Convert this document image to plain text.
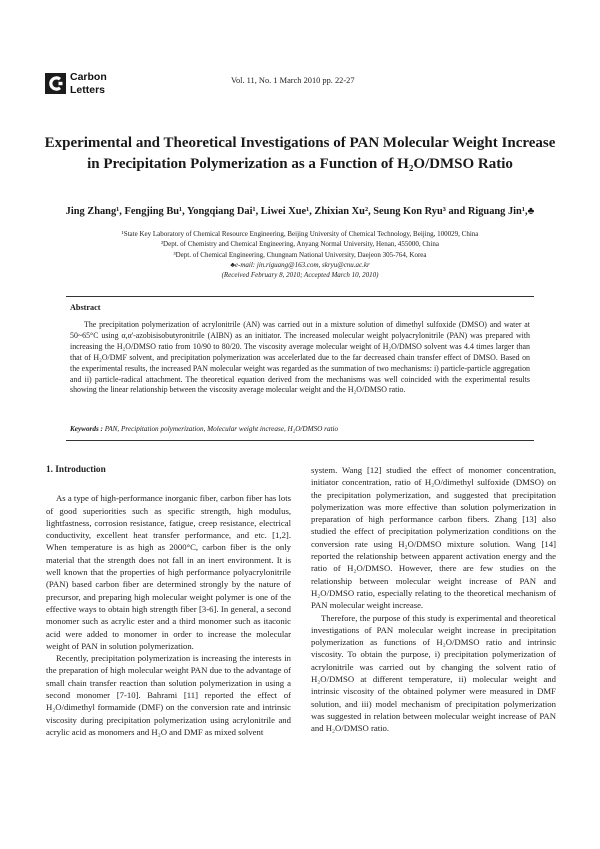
Carbon
Letters
Vol. 11, No. 1 March 2010 pp. 22-27
Experimental and Theoretical Investigations of PAN Molecular Weight Increase in Precipitation Polymerization as a Function of H₂O/DMSO Ratio
Jing Zhang¹, Fengjing Bu¹, Yongqiang Dai¹, Liwei Xue¹, Zhixian Xu², Seung Kon Ryu³ and Riguang Jin¹,♣
¹State Key Laboratory of Chemical Resource Engineering, Beijing University of Chemical Technology, Beijing, 100029, China
²Dept. of Chemistry and Chemical Engineering, Anyang Normal University, Henan, 455000, China
³Dept. of Chemical Engineering, Chungnam National University, Daejeon 305-764, Korea
♣e-mail: jin.riguang@163.com, skryu@cnu.ac.kr
(Received February 8, 2010; Accepted March 10, 2010)
Abstract
The precipitation polymerization of acrylonitrile (AN) was carried out in a mixture solution of dimethyl sulfoxide (DMSO) and water at 50~65°C using α,α'-azobisisobutyronitrile (AIBN) as an initiator. The increased molecular weight polyacrylonitrile (PAN) was prepared with increasing the H₂O/DMSO ratio from 10/90 to 80/20. The viscosity average molecular weight of H₂O/DMSO solvent was 4.4 times larger than that of H₂O/DMF solvent, and precipitation polymerization was accelerlated due to the far decreased chain transfer effect of DMSO. Based on the experimental results, the increased PAN molecular weight was regarded as the summation of two mechanisms: i) particle-particle aggregation and ii) particle-radical attachment. The theoretical equation derived from the mechanisms was well coincided with the experimental results showing the linear relationship between the viscosity average molecular weight and the H₂O/DMSO ratio.
Keywords : PAN, Precipitation polymerization, Molecular weight increase, H₂O/DMSO ratio
1. Introduction

As a type of high-performance inorganic fiber, carbon fiber has lots of good superiorities such as specific strength, high modulus, lightfastness, corrosion resistance, fatigue, creep resistance, electrical conductivity, excellent heat transfer performance, and etc. [1,2]. When temperature is as high as 2000°C, carbon fiber is the only material that the strength does not fall in an inert environment. It is well known that the properties of high performance polyacrylonitrile (PAN) based carbon fiber are determined strongly by the nature of precursor, and preparing high molecular weight polymer is one of the effective ways to obtain high strength fiber [3-6]. In general, a second monomer such as acrylic ester and a third monomer such as itaconic acid were added to monomer in order to increase the molecular weight of PAN in solution polymerization.

Recently, precipitation polymerization is increasing the interests in the preparation of high molecular weight PAN due to the advantage of small chain transfer reaction than solution polymerization in using a second monomer [7-10]. Bahrami [11] reported the effect of H₂O/dimethyl formamide (DMF) on the conversion rate and intrinsic viscosity during precipitation polymerization using acrylonitrile and acrylic acid as monomers and H₂O and DMF as mixed solvent

system. Wang [12] studied the effect of monomer concentration, initiator concentration, ratio of H₂O/dimethyl sulfoxide (DMSO) on the precipitation polymerization, and suggested that precipitation polymerization was more effective than solution polymerization in preparation of high performance carbon fibers. Zhang [13] also studied the effect of precipitation polymerization conditions on the conversion rate using H₂O/DMSO mixture solution. Wang [14] reported the relationship between apparent activation energy and the ratio of H₂O/DMSO. However, there are few studies on the relationship between molecular weight increase of PAN and H₂O/DMSO ratio, especially relating to the theoretical mechanism of PAN molecular weight increase.

Therefore, the purpose of this study is experimental and theoretical investigations of PAN molecular weight increase in precipitation polymerization as functions of H₂O/DMSO ratio and intrinsic viscosity. To obtain the purpose, i) precipitation polymerization of acrylonitrile was carried out by changing the solvent ratio of H₂O/DMSO at different temperature, ii) molecular weight and intrinsic viscosity of the obtained polymer were measured in DMF solution, and iii) model mechanism of precipitation polymerization was suggested in relation between molecular weight increase of PAN and H₂O/DMSO ratio.
